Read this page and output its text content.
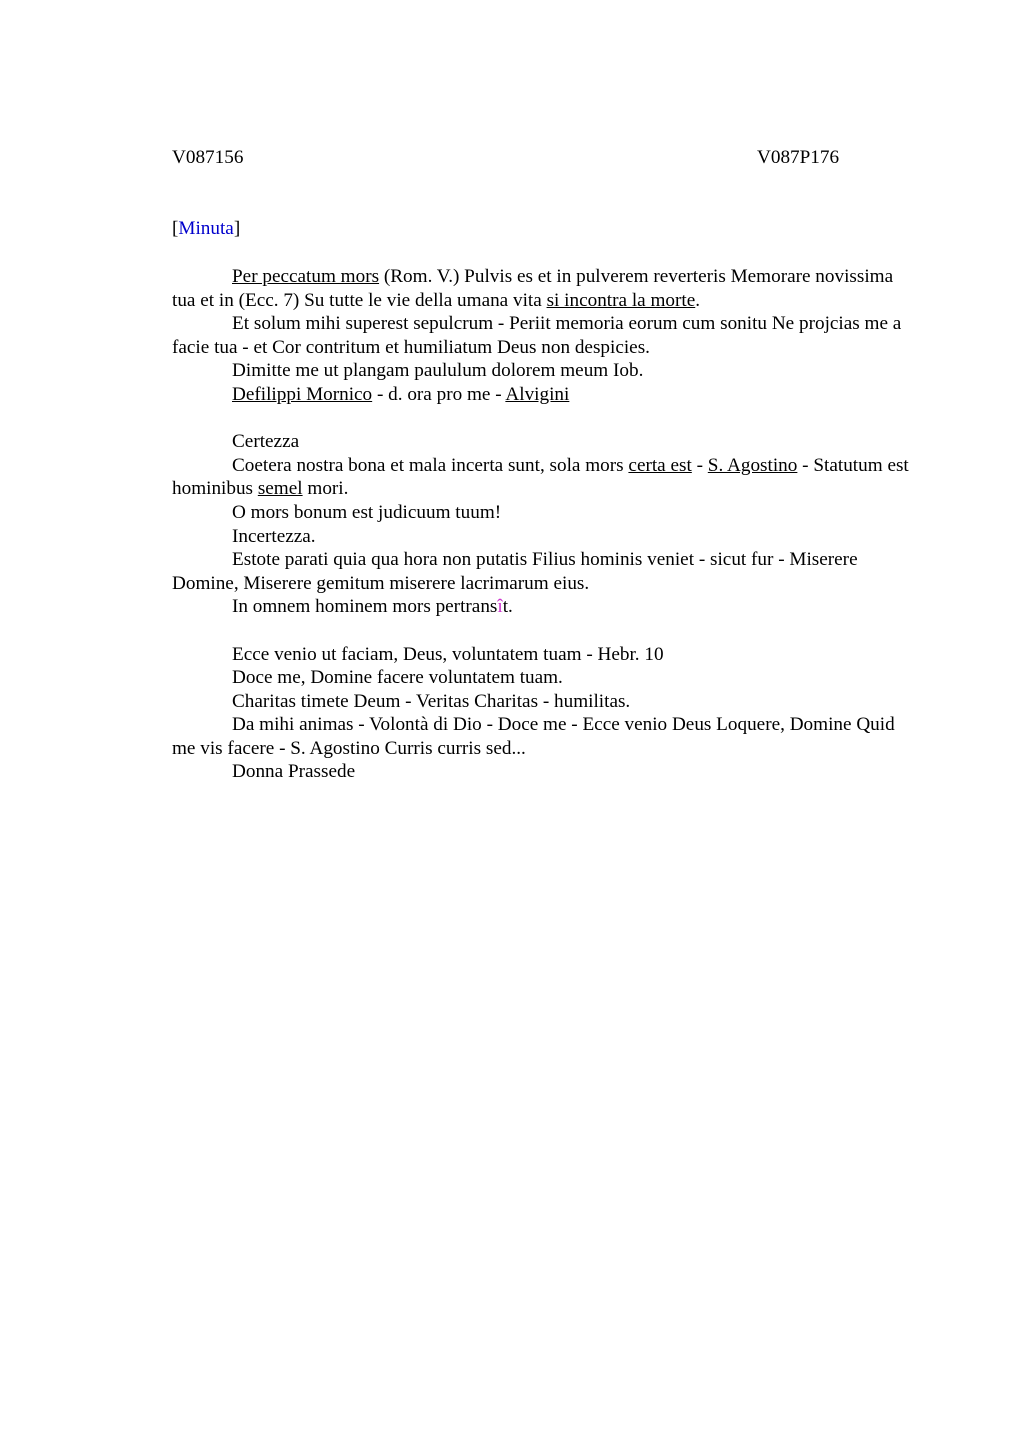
V087156	V087P176
[Minuta]

Per peccatum mors (Rom. V.) Pulvis es et in pulverem reverteris Memorare novissima tua et in (Ecc. 7) Su tutte le vie della umana vita si incontra la morte.

Et solum mihi superest sepulcrum - Periit memoria eorum cum sonitu Ne projcias me a facie tua - et Cor contritum et humiliatum Deus non despicies.

Dimitte me ut plangam paululum dolorem meum Iob.

Defilippi Mornico - d. ora pro me - Alvigini

Certezza

Coetera nostra bona et mala incerta sunt, sola mors certa est - S. Agostino - Statutum est hominibus semel mori.

O mors bonum est judicuum tuum!

Incertezza.

Estote parati quia qua hora non putatis Filius hominis veniet - sicut fur - Miserere Domine, Miserere gemitum miserere lacrimarum eius.

In omnem hominem mors pertransît.

Ecce venio ut faciam, Deus, voluntatem tuam - Hebr. 10

Doce me, Domine facere voluntatem tuam.

Charitas timete Deum - Veritas Charitas - humilitas.

Da mihi animas - Volontà di Dio - Doce me - Ecce venio Deus Loquere, Domine Quid me vis facere - S. Agostino Curris curris sed...

Donna Prassede
